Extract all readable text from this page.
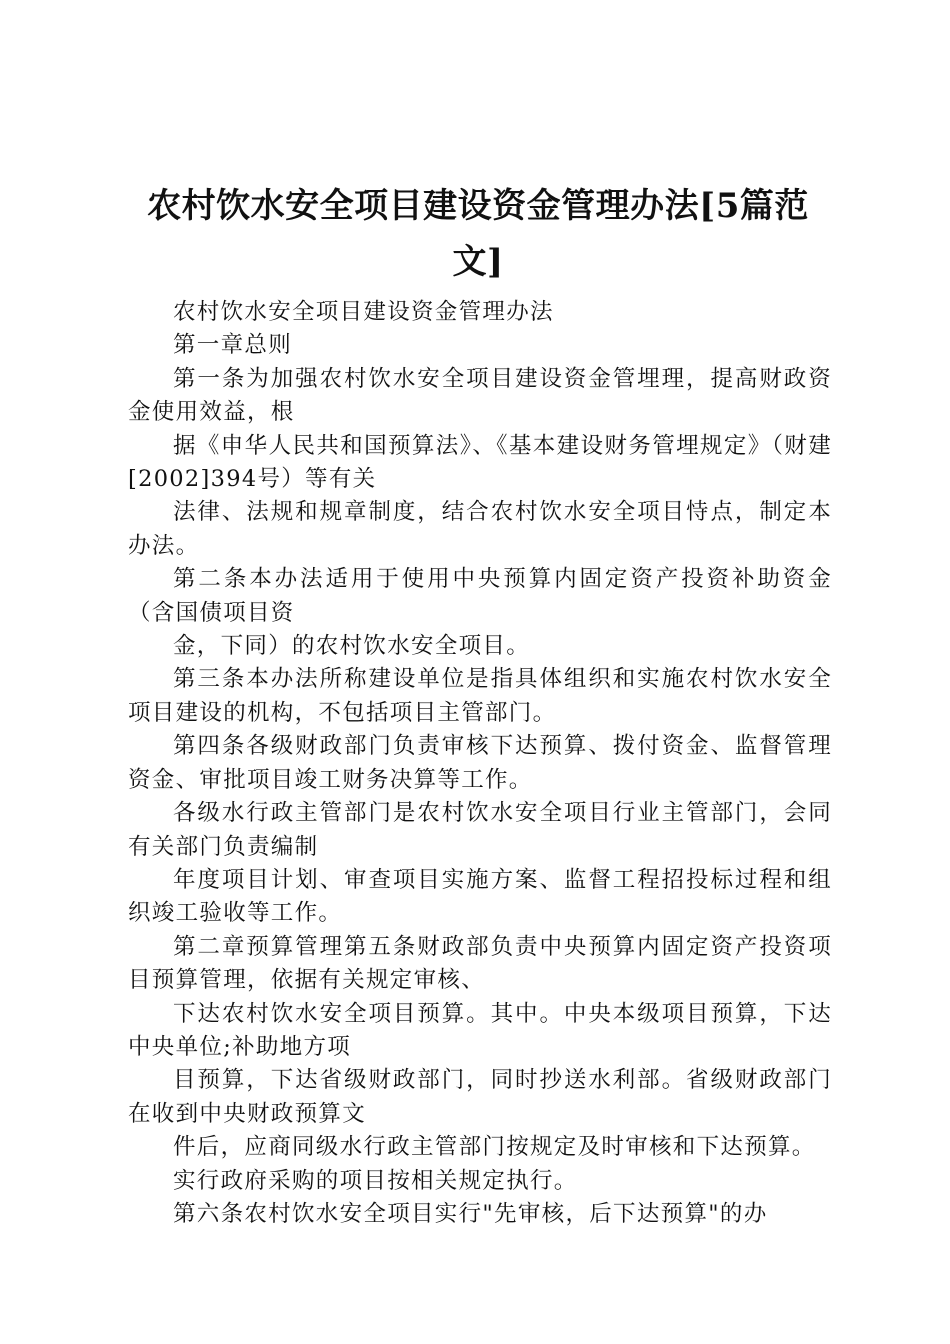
农村饮水安全项目建设资金管理办法[5篇范文]

农村饮水安全项目建设资金管理办法

第一章总则

第一条为加强农村饮水安全项目建设资金管埋理，提高财政资金使用效益，根

据《申华人民共和国预算法》、《基本建设财务管埋规定》（财建[2002]394号）等有关

法律、法规和规章制度，结合农村饮水安全项目恃点，制定本办法。

第二条本办法适用于使用中央预算内固定资产投资补助资金（含国债项目资

金，下同）的农村饮水安全项目。

第三条本办法所称建设单位是指具体组织和实施农村饮水安全项目建设的机构，不包括项目主管部门。

第四条各级财政部门负责审核下达预算、拨付资金、监督管理资金、审批项目竣工财务决算等工作。

各级水行政主管部门是农村饮水安全项目行业主管部门，会同有关部门负责编制

年度项目计划、审查项目实施方案、监督工程招投标过程和组织竣工验收等工作。

第二章预算管理第五条财政部负责中央预算内固定资产投资项目预算管理，依据有关规定审核、

下达农村饮水安全项目预算。其中。中央本级项目预算，下达中央单位;补助地方项

目预算，下达省级财政部门，同时抄送水利部。省级财政部门在收到中央财政预算文

件后，应商同级水行政主管部门按规定及时审核和下达预算。

实行政府采购的项目按相关规定执行。

第六条农村饮水安全项目实行"先审核，后下达预算"的办
